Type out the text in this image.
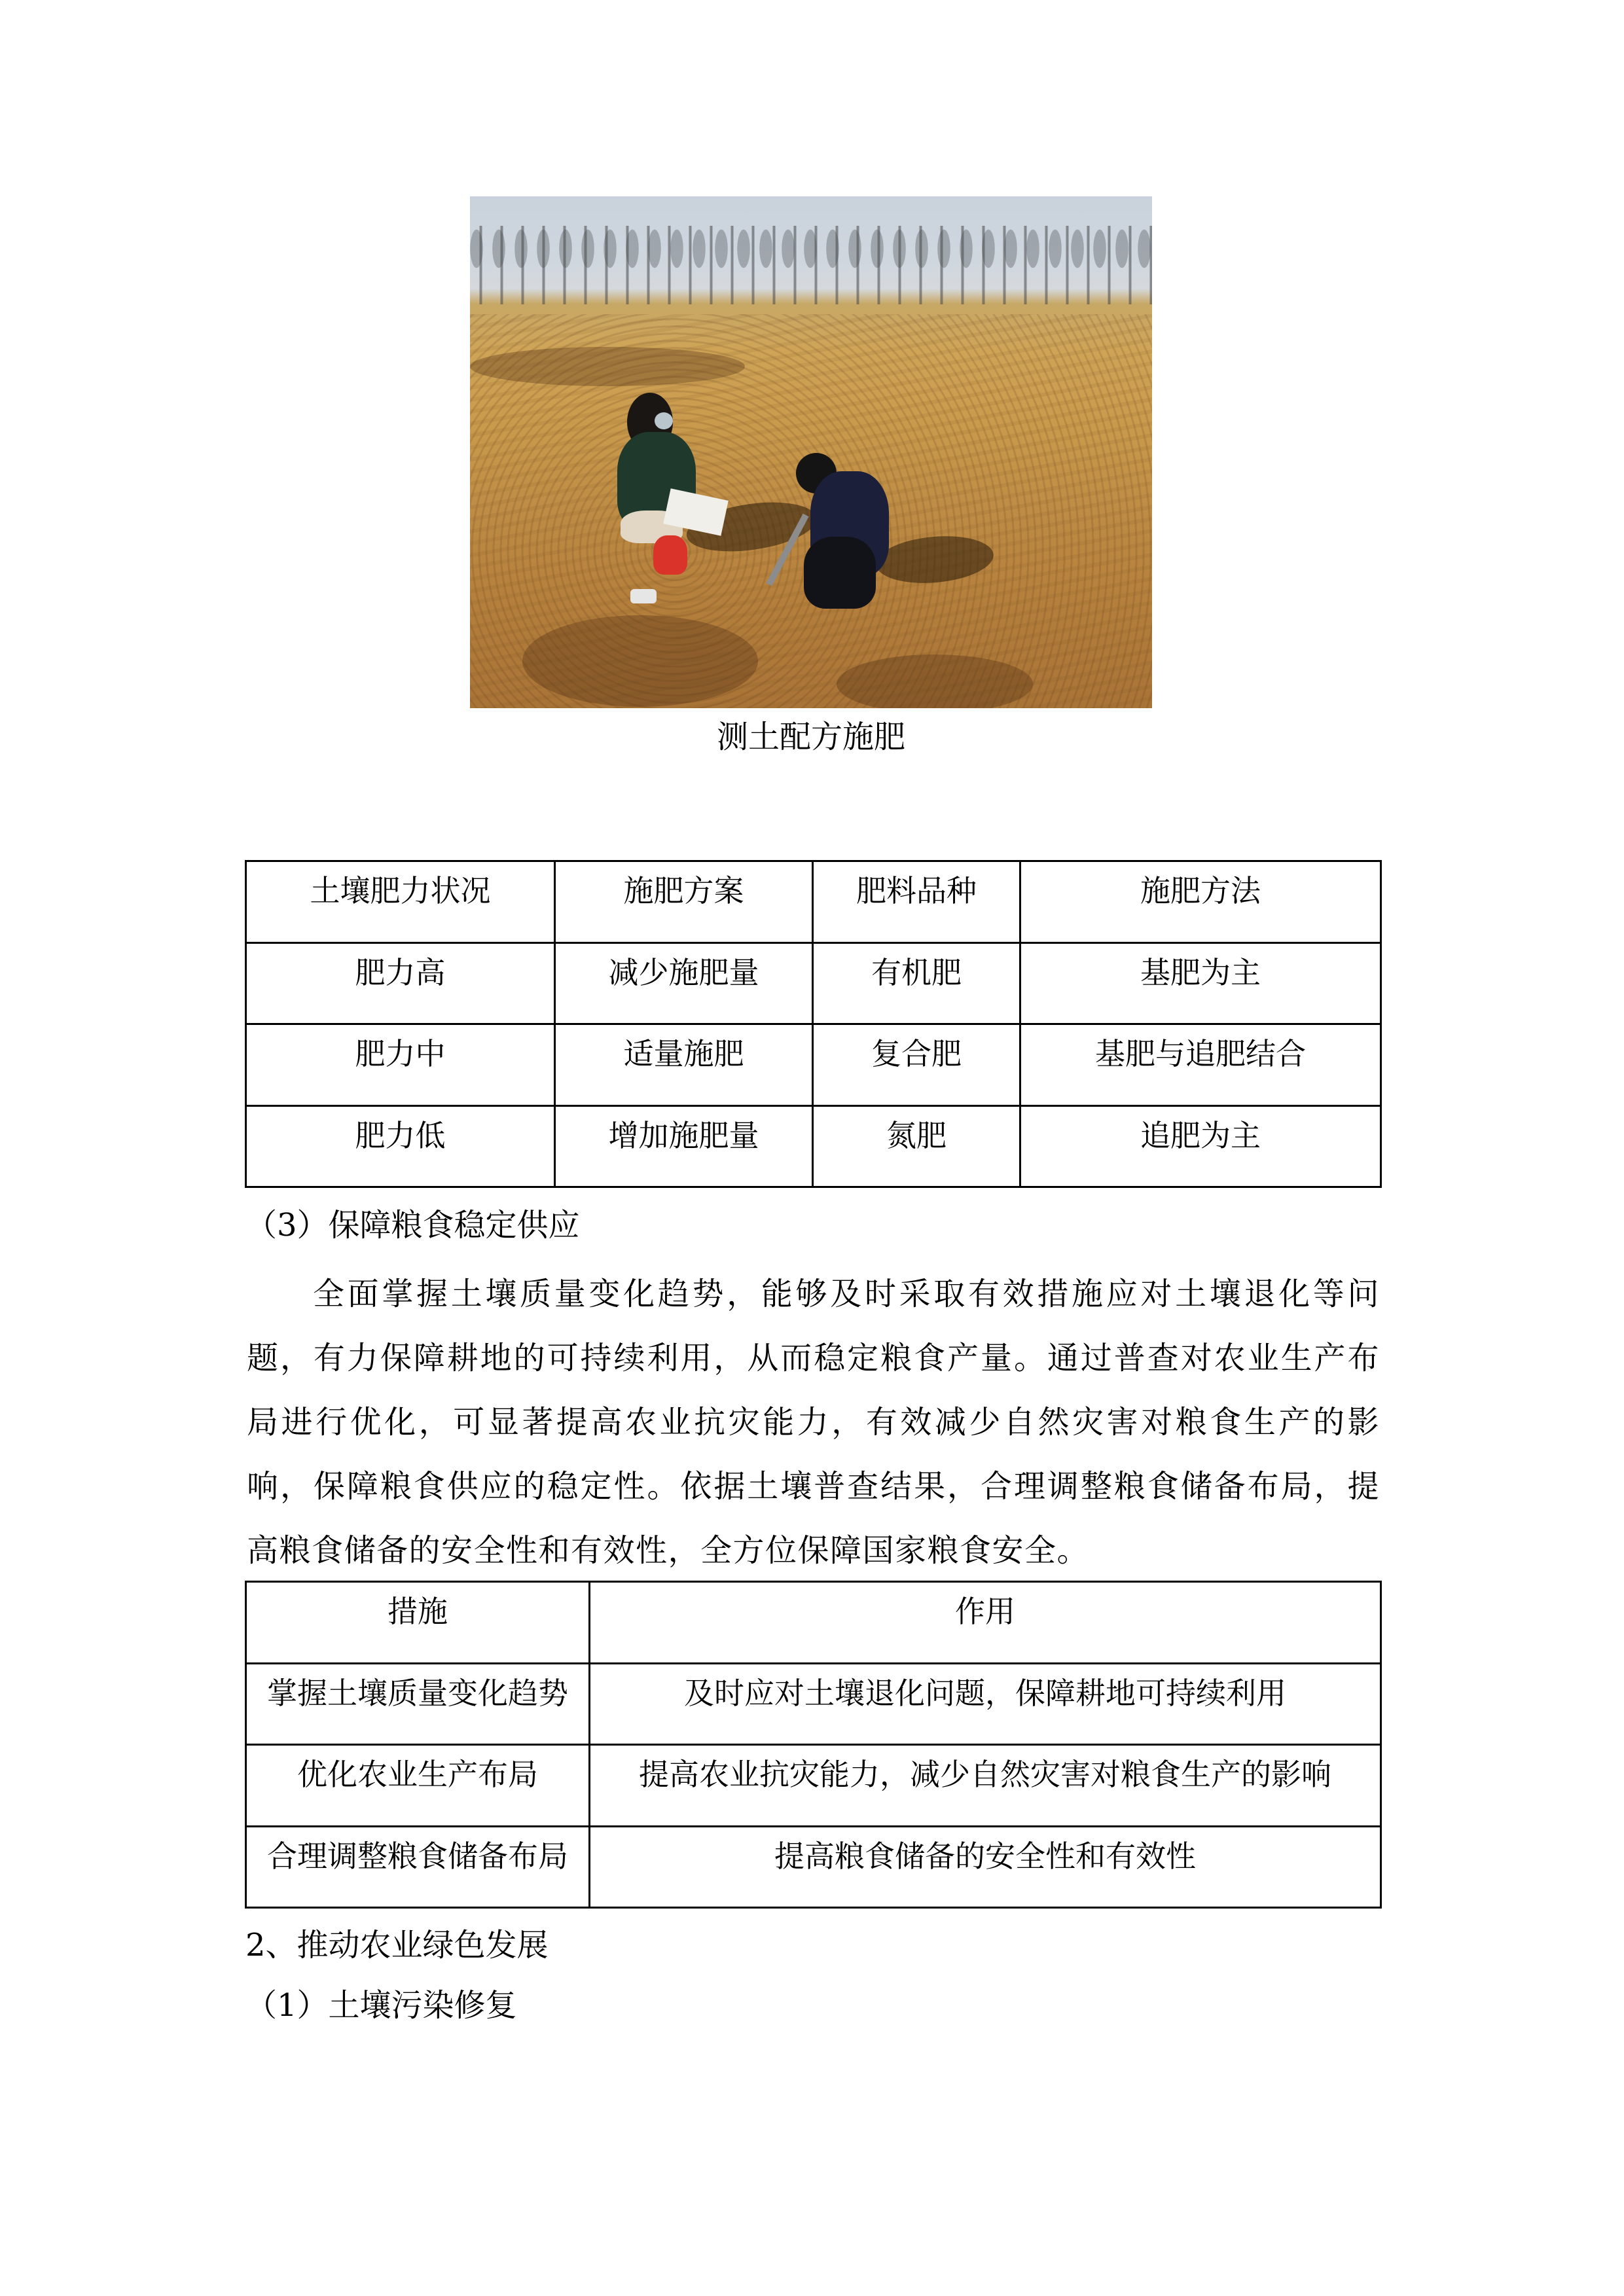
测土配方施肥
土壤肥力状况	施肥方案	肥料品种	施肥方法
肥力高	减少施肥量	有机肥	基肥为主
肥力中	适量施肥	复合肥	基肥与追肥结合
肥力低	增加施肥量	氮肥	追肥为主
（3）保障粮食稳定供应
全面掌握土壤质量变化趋势，能够及时采取有效措施应对土壤退化等问题，有力保障耕地的可持续利用，从而稳定粮食产量。通过普查对农业生产布局进行优化，可显著提高农业抗灾能力，有效减少自然灾害对粮食生产的影响，保障粮食供应的稳定性。依据土壤普查结果，合理调整粮食储备布局，提高粮食储备的安全性和有效性，全方位保障国家粮食安全。
措施	作用
掌握土壤质量变化趋势	及时应对土壤退化问题，保障耕地可持续利用
优化农业生产布局	提高农业抗灾能力，减少自然灾害对粮食生产的影响
合理调整粮食储备布局	提高粮食储备的安全性和有效性
2、推动农业绿色发展
（1）土壤污染修复
